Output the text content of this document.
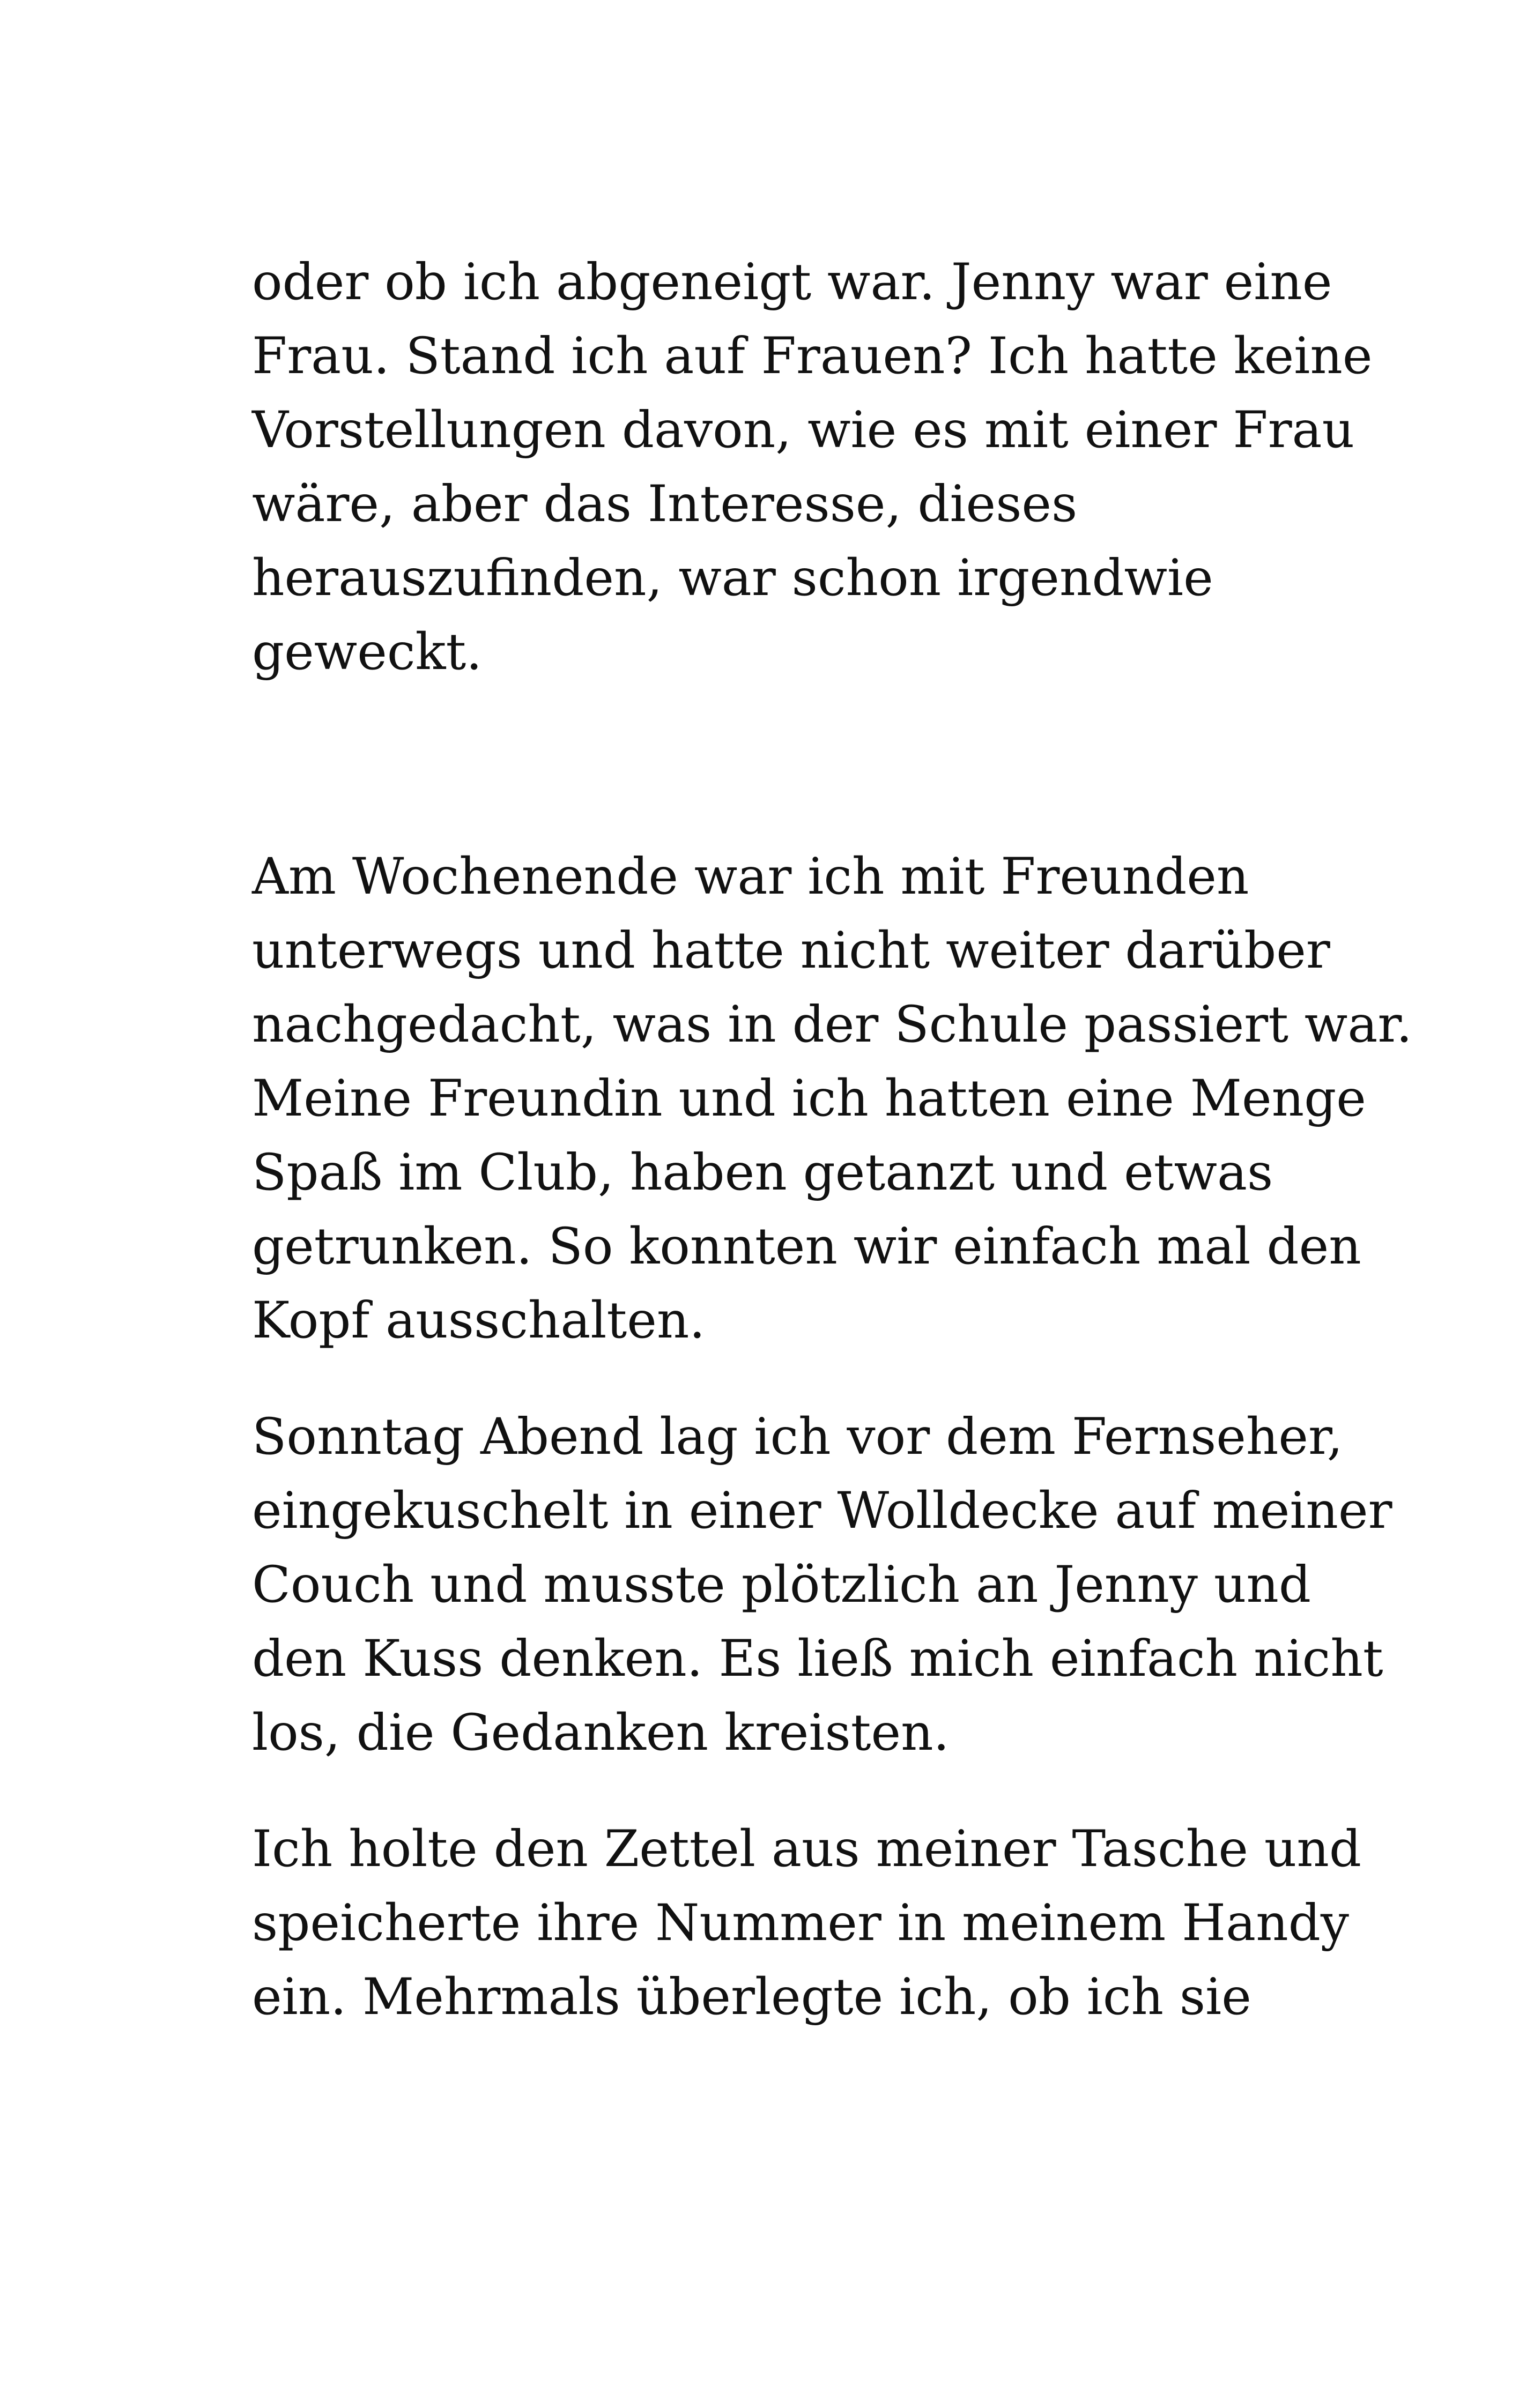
oder ob ich abgeneigt war. Jenny war eine
Frau. Stand ich auf Frauen? Ich hatte keine
Vorstellungen davon, wie es mit einer Frau
wäre, aber das Interesse, dieses
herauszufinden, war schon irgendwie
geweckt.
Am Wochenende war ich mit Freunden
unterwegs und hatte nicht weiter darüber
nachgedacht, was in der Schule passiert war.
Meine Freundin und ich hatten eine Menge
Spaß im Club, haben getanzt und etwas
getrunken. So konnten wir einfach mal den
Kopf ausschalten.
Sonntag Abend lag ich vor dem Fernseher,
eingekuschelt in einer Wolldecke auf meiner
Couch und musste plötzlich an Jenny und
den Kuss denken. Es ließ mich einfach nicht
los, die Gedanken kreisten.
Ich holte den Zettel aus meiner Tasche und
speicherte ihre Nummer in meinem Handy
ein. Mehrmals überlegte ich, ob ich sie
